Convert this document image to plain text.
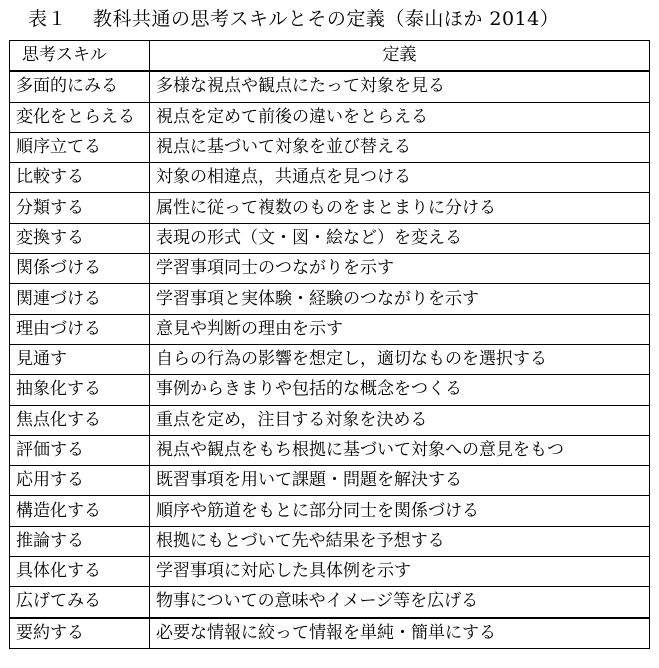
表１ 教科共通の思考スキルとその定義（泰山ほか 2014）
思考スキル	定義
多面的にみる	多様な視点や観点にたって対象を見る
変化をとらえる	視点を定めて前後の違いをとらえる
順序立てる	視点に基づいて対象を並び替える
比較する	対象の相違点，共通点を見つける
分類する	属性に従って複数のものをまとまりに分ける
変換する	表現の形式（文・図・絵など）を変える
関係づける	学習事項同士のつながりを示す
関連づける	学習事項と実体験・経験のつながりを示す
理由づける	意見や判断の理由を示す
見通す	自らの行為の影響を想定し，適切なものを選択する
抽象化する	事例からきまりや包括的な概念をつくる
焦点化する	重点を定め，注目する対象を決める
評価する	視点や観点をもち根拠に基づいて対象への意見をもつ
応用する	既習事項を用いて課題・問題を解決する
構造化する	順序や筋道をもとに部分同士を関係づける
推論する	根拠にもとづいて先や結果を予想する
具体化する	学習事項に対応した具体例を示す
広げてみる	物事についての意味やイメージ等を広げる
要約する	必要な情報に絞って情報を単純・簡単にする
